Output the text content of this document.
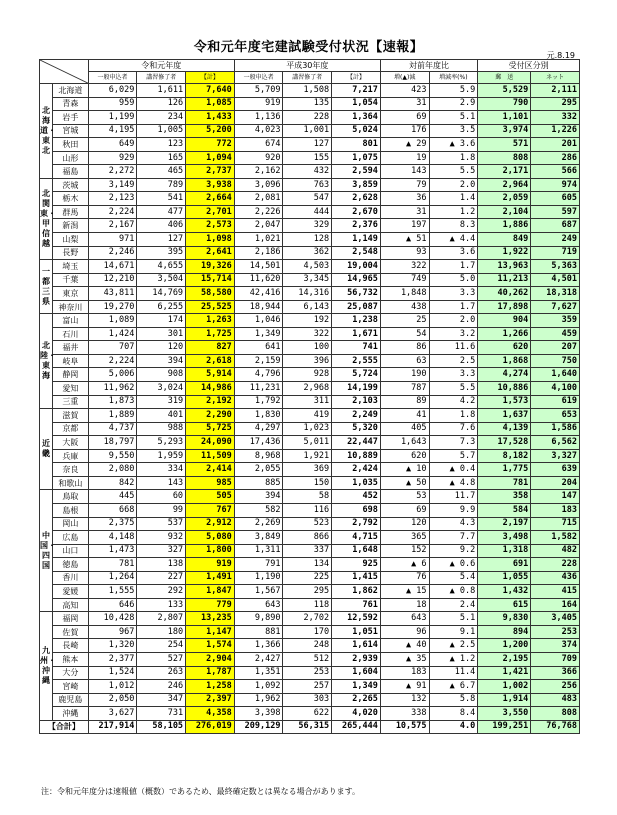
令和元年度宅建試験受付状況【速報】
元.8.19
	令和元年度			平成30年度			対前年度比		受付区分別	
		一般申込者	講習修了者	【計】	一般申込者	講習修了者	【計】	増(▲)減	増減率(%)	郵　送	ネット
北海道・東北	北海道	6,029	1,611	7,640	5,709	1,508	7,217	423	5.9	5,529	2,111
	青森	959	126	1,085	919	135	1,054	31	2.9	790	295
	岩手	1,199	234	1,433	1,136	228	1,364	69	5.1	1,101	332
	宮城	4,195	1,005	5,200	4,023	1,001	5,024	176	3.5	3,974	1,226
	秋田	649	123	772	674	127	801	▲ 29	▲ 3.6	571	201
	山形	929	165	1,094	920	155	1,075	19	1.8	808	286
	福島	2,272	465	2,737	2,162	432	2,594	143	5.5	2,171	566
北関東・甲信越	茨城	3,149	789	3,938	3,096	763	3,859	79	2.0	2,964	974
	栃木	2,123	541	2,664	2,081	547	2,628	36	1.4	2,059	605
	群馬	2,224	477	2,701	2,226	444	2,670	31	1.2	2,104	597
	新潟	2,167	406	2,573	2,047	329	2,376	197	8.3	1,886	687
	山梨	971	127	1,098	1,021	128	1,149	▲ 51	▲ 4.4	849	249
	長野	2,246	395	2,641	2,186	362	2,548	93	3.6	1,922	719
一都三県	埼玉	14,671	4,655	19,326	14,501	4,503	19,004	322	1.7	13,963	5,363
	千葉	12,210	3,504	15,714	11,620	3,345	14,965	749	5.0	11,213	4,501
	東京	43,811	14,769	58,580	42,416	14,316	56,732	1,848	3.3	40,262	18,318
	神奈川	19,270	6,255	25,525	18,944	6,143	25,087	438	1.7	17,898	7,627
北陸・東海	富山	1,089	174	1,263	1,046	192	1,238	25	2.0	904	359
	石川	1,424	301	1,725	1,349	322	1,671	54	3.2	1,266	459
	福井	707	120	827	641	100	741	86	11.6	620	207
	岐阜	2,224	394	2,618	2,159	396	2,555	63	2.5	1,868	750
	静岡	5,006	908	5,914	4,796	928	5,724	190	3.3	4,274	1,640
	愛知	11,962	3,024	14,986	11,231	2,968	14,199	787	5.5	10,886	4,100
	三重	1,873	319	2,192	1,792	311	2,103	89	4.2	1,573	619
近畿	滋賀	1,889	401	2,290	1,830	419	2,249	41	1.8	1,637	653
	京都	4,737	988	5,725	4,297	1,023	5,320	405	7.6	4,139	1,586
	大阪	18,797	5,293	24,090	17,436	5,011	22,447	1,643	7.3	17,528	6,562
	兵庫	9,550	1,959	11,509	8,968	1,921	10,889	620	5.7	8,182	3,327
	奈良	2,080	334	2,414	2,055	369	2,424	▲ 10	▲ 0.4	1,775	639
	和歌山	842	143	985	885	150	1,035	▲ 50	▲ 4.8	781	204
中国・四国	鳥取	445	60	505	394	58	452	53	11.7	358	147
	島根	668	99	767	582	116	698	69	9.9	584	183
	岡山	2,375	537	2,912	2,269	523	2,792	120	4.3	2,197	715
	広島	4,148	932	5,080	3,849	866	4,715	365	7.7	3,498	1,582
	山口	1,473	327	1,800	1,311	337	1,648	152	9.2	1,318	482
	徳島	781	138	919	791	134	925	▲ 6	▲ 0.6	691	228
	香川	1,264	227	1,491	1,190	225	1,415	76	5.4	1,055	436
	愛媛	1,555	292	1,847	1,567	295	1,862	▲ 15	▲ 0.8	1,432	415
	高知	646	133	779	643	118	761	18	2.4	615	164
九州・沖縄	福岡	10,428	2,807	13,235	9,890	2,702	12,592	643	5.1	9,830	3,405
	佐賀	967	180	1,147	881	170	1,051	96	9.1	894	253
	長崎	1,320	254	1,574	1,366	248	1,614	▲ 40	▲ 2.5	1,200	374
	熊本	2,377	527	2,904	2,427	512	2,939	▲ 35	▲ 1.2	2,195	709
	大分	1,524	263	1,787	1,351	253	1,604	183	11.4	1,421	366
	宮崎	1,012	246	1,258	1,092	257	1,349	▲ 91	▲ 6.7	1,002	256
	鹿児島	2,050	347	2,397	1,962	303	2,265	132	5.8	1,914	483
	沖縄	3,627	731	4,358	3,398	622	4,020	338	8.4	3,550	808
【合計】		217,914	58,105	276,019	209,129	56,315	265,444	10,575	4.0	199,251	76,768
注：令和元年度分は速報値（概数）であるため、最終確定数とは異なる場合があります。
